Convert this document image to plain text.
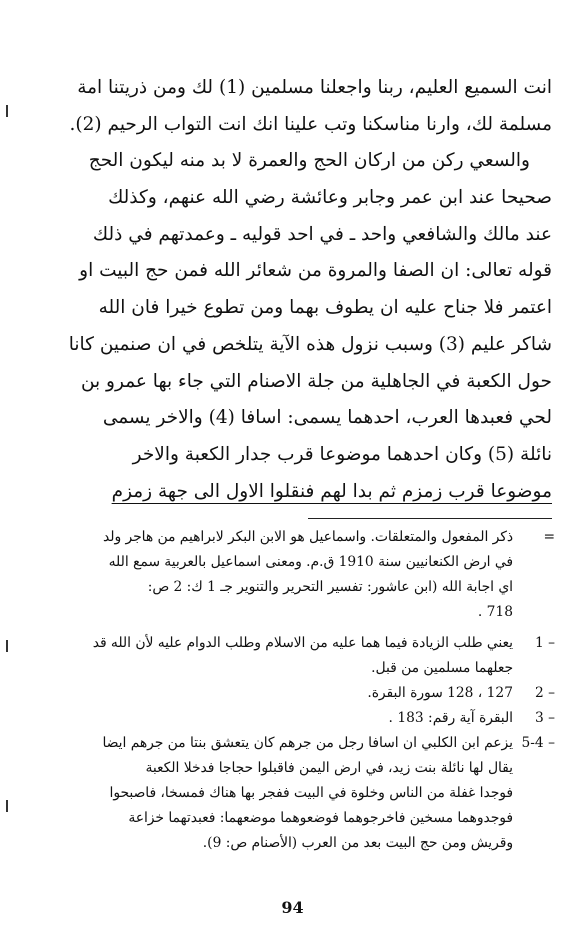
انت السميع العليم، ربنا واجعلنا مسلمين (1) لك ومن ذريتنا امة
مسلمة لك، وارنا مناسكنا وتب علينا انك انت التواب الرحيم (2).
والسعي ركن من اركان الحج والعمرة لا بد منه ليكون الحج
صحيحا عند ابن عمر وجابر وعائشة رضي الله عنهم، وكذلك
عند مالك والشافعي واحد ـ في احد قوليه ـ وعمدتهم في ذلك
قوله تعالى: ان الصفا والمروة من شعائر الله فمن حج البيت او
اعتمر فلا جناح عليه ان يطوف بهما ومن تطوع خيرا فان الله
شاكر عليم (3) وسبب نزول هذه الآية يتلخص في ان صنمين كانا
حول الكعبة في الجاهلية من جلة الاصنام التي جاء بها عمرو بن
لحي فعبدها العرب، احدهما يسمى: اسافا (4) والاخر يسمى
نائلة (5) وكان احدهما موضوعا قرب جدار الكعبة والاخر
موضوعا قرب زمزم ثم بدا لهم فنقلوا الاول الى جهة زمزم
=
ذكر المفعول والمتعلقات. واسماعيل هو الابن البكر لابراهيم من هاجر ولد
في ارض الكنعانيين سنة 1910 ق.م. ومعنى اسماعيل بالعربية سمع الله
اي اجابة الله (ابن عاشور: تفسير التحرير والتنوير جـ 1 ك: 2 ص:
718 .
1 –
يعني طلب الزيادة فيما هما عليه من الاسلام وطلب الدوام عليه لأن الله قد
جعلهما مسلمين من قبل.
2 –
127 ، 128 سورة البقرة.
3 –
البقرة آية رقم: 183 .
5-4 –
يزعم ابن الكلبي ان اسافا رجل من جرهم كان يتعشق بنتا من جرهم ايضا
يقال لها نائلة بنت زيد، في ارض اليمن فاقبلوا حجاجا فدخلا الكعبة
فوجدا غفلة من الناس وخلوة في البيت ففجر بها هناك فمسخا، فاصبحوا
فوجدوهما مسخين فاخرجوهما فوضعوهما موضعهما: فعبدتهما خزاعة
وقريش ومن حج البيت بعد من العرب (الأصنام ص: 9).
94
